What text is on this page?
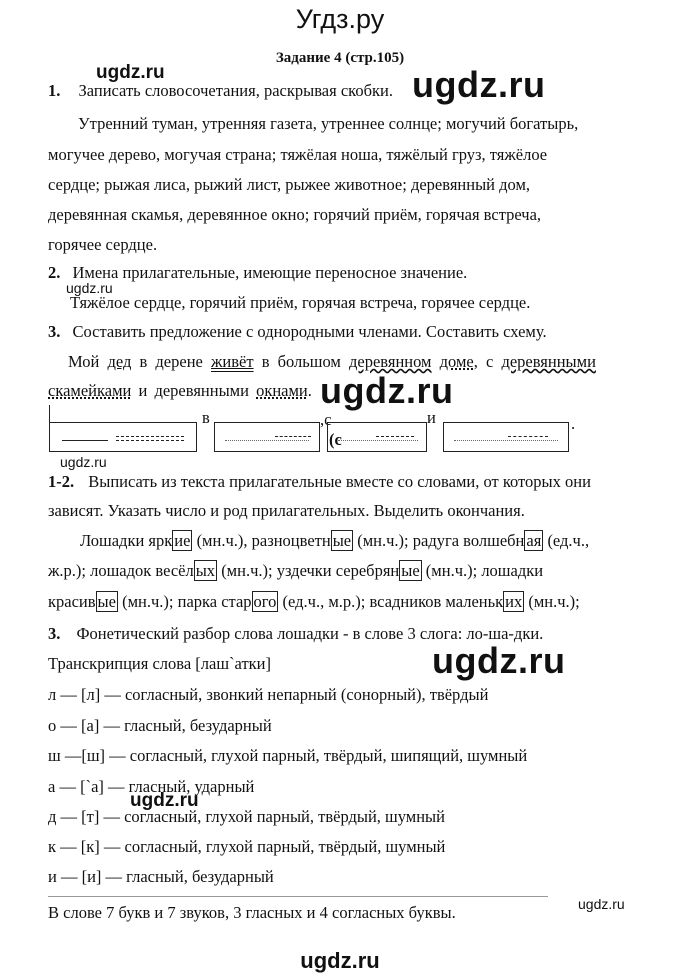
Угдз.ру
Задание 4 (стр.105)
1. Записать словосочетания, раскрывая скобки.
ugdz.ru	ugdz.ru
Утренний туман, утренняя газета, утреннее солнце; могучий богатырь,
могучее дерево, могучая страна; тяжёлая ноша, тяжёлый груз, тяжёлое
сердце; рыжая лиса, рыжий лист, рыжее животное; деревянный дом,
деревянная скамья, деревянное окно; горячий приём, горячая встреча,
горячее сердце.
2. Имена прилагательные, имеющие переносное значение.
ugdz.ru
Тяжёлое сердце, горячий приём, горячая встреча, горячее сердце.
3. Составить предложение с однородными членами. Составить схему.
Мой дед в дерене живёт в большом деревянном доме, с деревянными
скамейками и деревянными окнами. ugdz.ru
в	,с
(с
и	.
ugdz.ru
1-2. Выписать из текста прилагательные вместе со словами, от которых они
зависят. Указать число и род прилагательных. Выделить окончания.
Лошадки ярк ие (мн.ч.), разноцветн ые (мн.ч.); радуга волшебн ая (ед.ч.,
ж.р.); лошадок весёл ых (мн.ч.); уздечки серебрян ые (мн.ч.); лошадки
красив ые (мн.ч.); парка стар ого (ед.ч., м.р.); всадников маленьк их (мн.ч.);
3. Фонетический разбор слова лошадки - в слове 3 слога: ло-ша-дки.
Транскрипция слова [лаш`атки]	ugdz.ru
л — [л] — согласный, звонкий непарный (сонорный), твёрдый
о — [а] — гласный, безударный
ш —[ш] — согласный, глухой парный, твёрдый, шипящий, шумный
а — [`а] — гласный, ударный
ugdz.ru
д — [т] — согласный, глухой парный, твёрдый, шумный
к — [к] — согласный, глухой парный, твёрдый, шумный
и — [и] — гласный, безударный
ugdz.ru
В слове 7 букв и 7 звуков, 3 гласных и 4 согласных буквы.
ugdz.ru
